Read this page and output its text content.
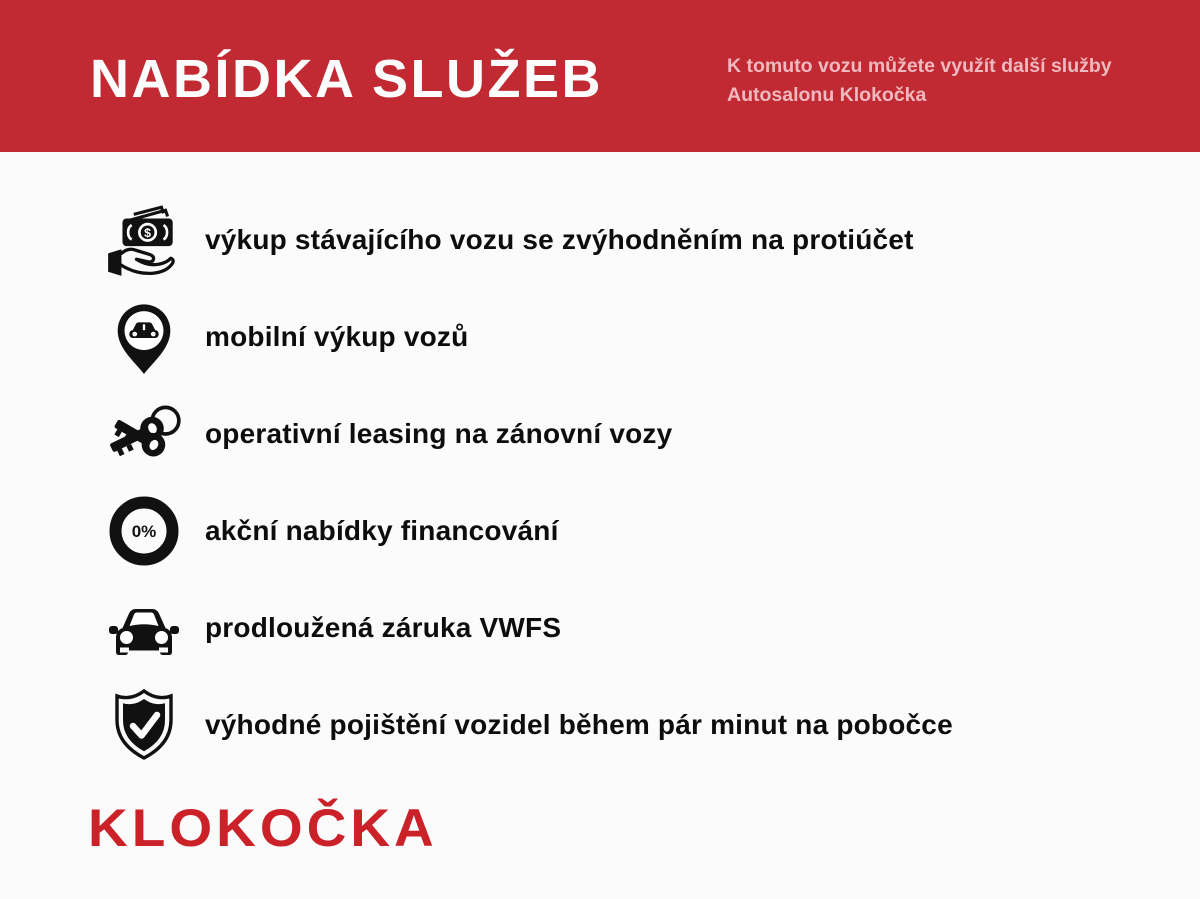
NABÍDKA SLUŽEB	K tomuto vozu můžete využít další služby
Autosalonu Klokočka
$ výkup stávajícího vozu se zvýhodněním na protiúčet
mobilní výkup vozů
operativní leasing na zánovní vozy
0% akční nabídky financování
prodloužená záruka VWFS
výhodné pojištění vozidel během pár minut na pobočce
KLOKOČKA
